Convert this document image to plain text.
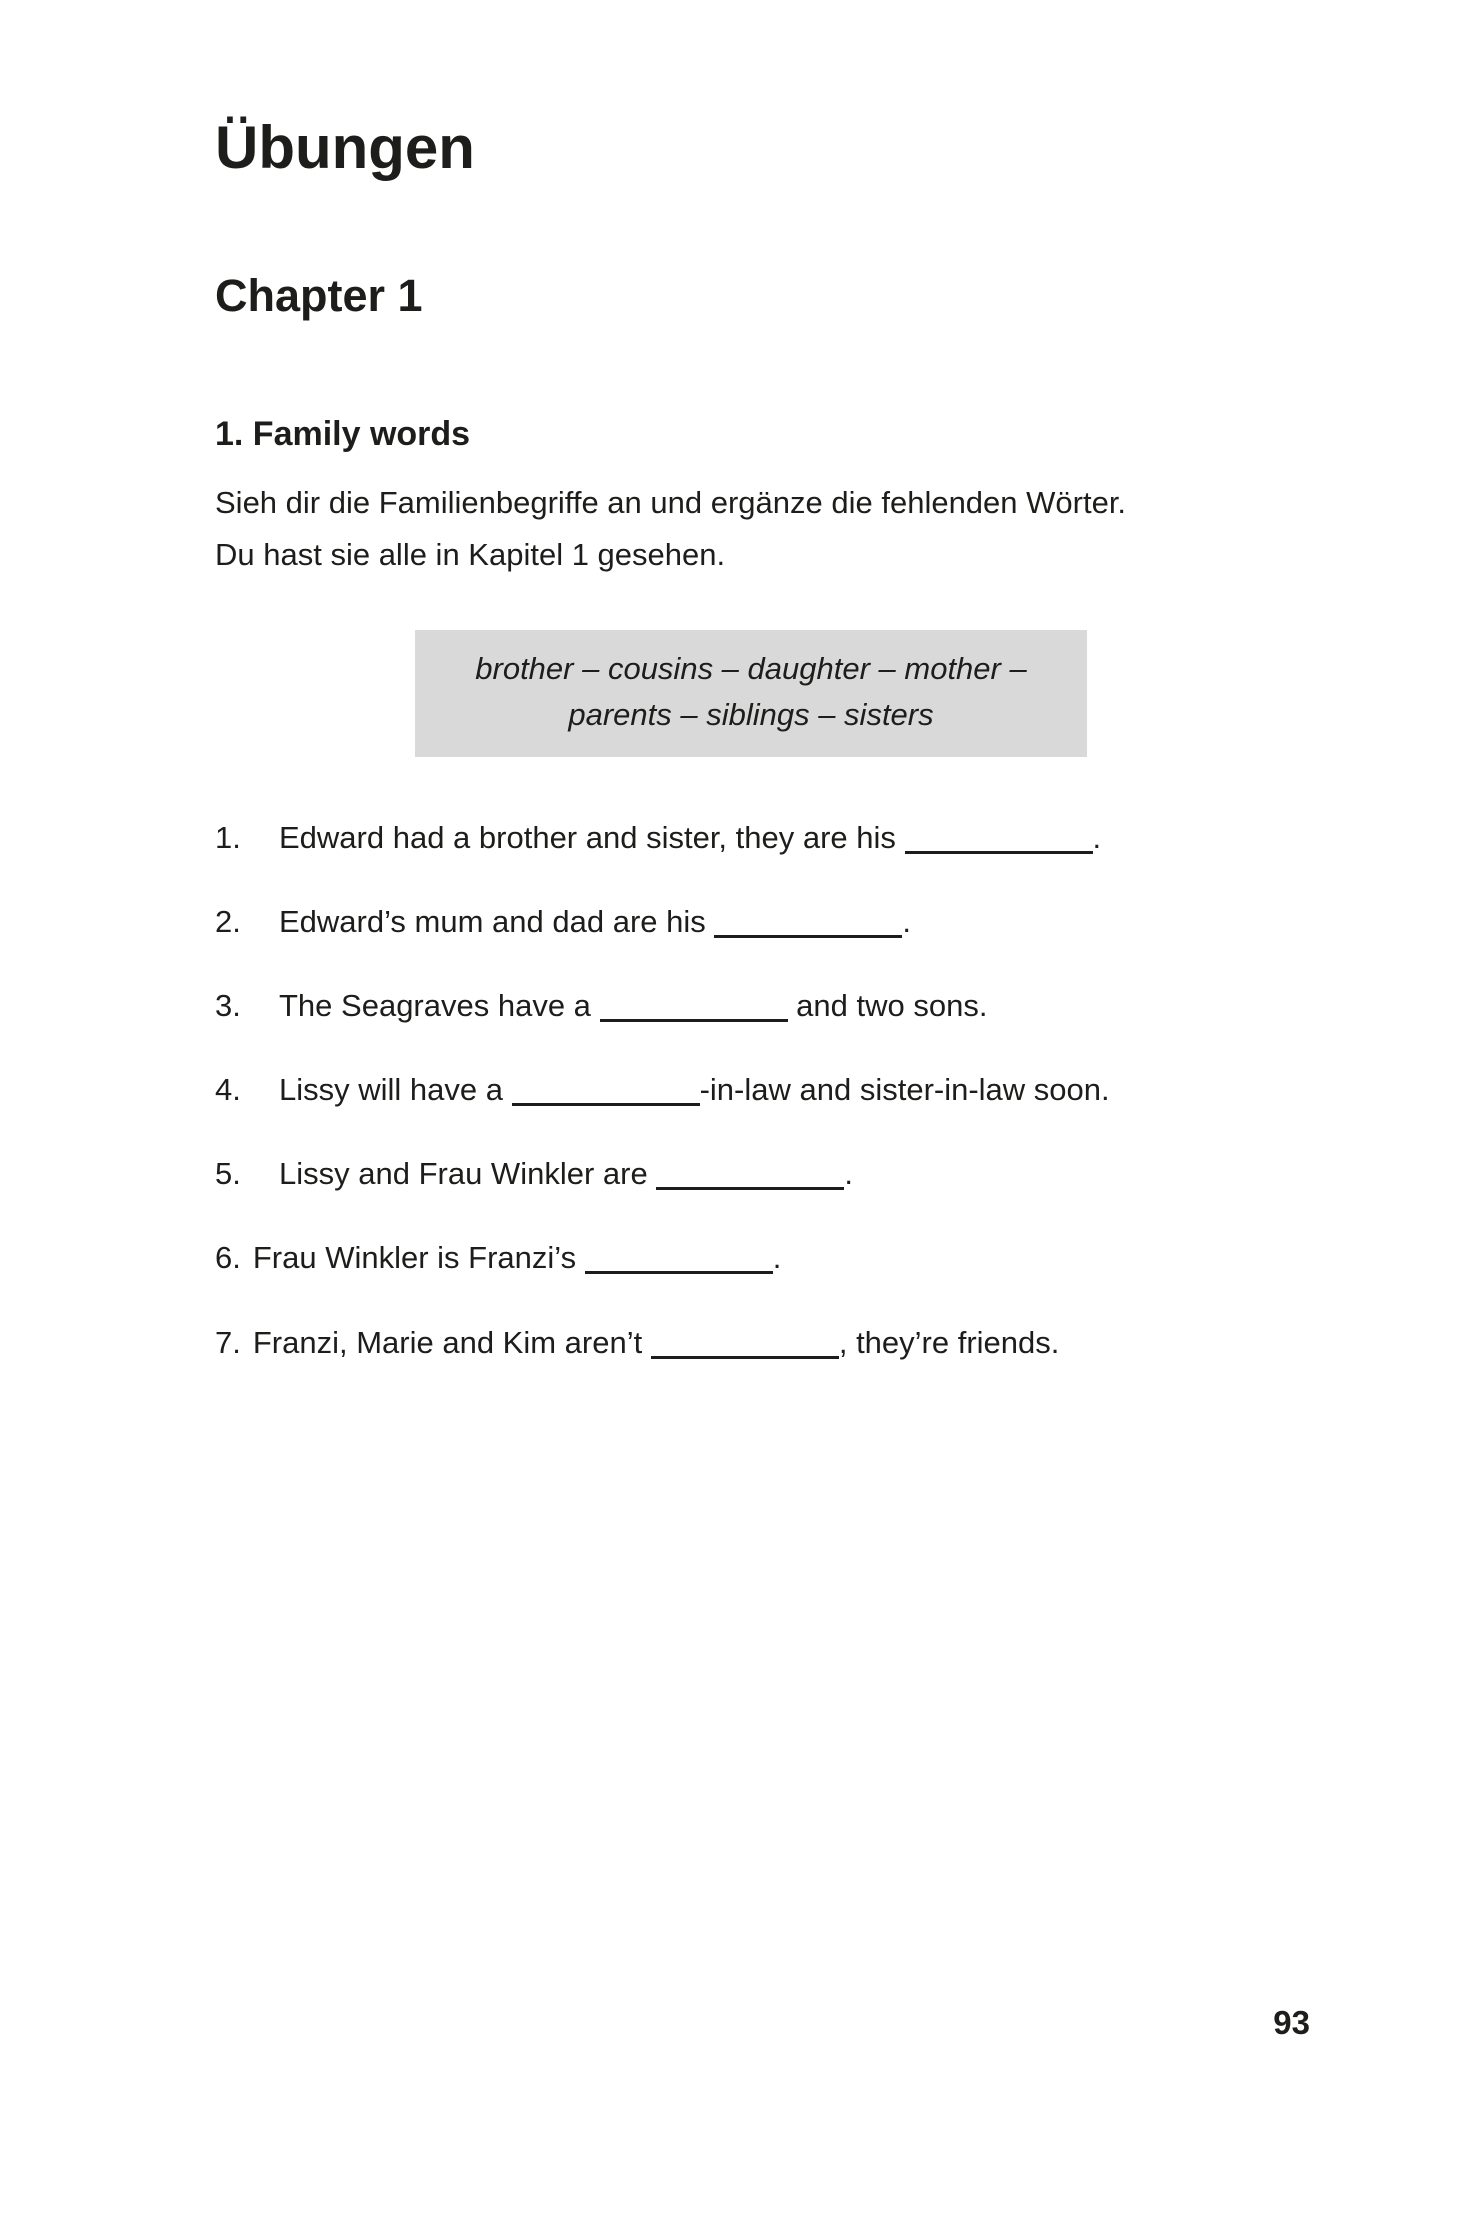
Übungen
Chapter 1
1. Family words

Sieh dir die Familienbegriffe an und ergänze die fehlenden Wörter.
Du hast sie alle in Kapitel 1 gesehen.

brother – cousins – daughter – mother –
parents – siblings – sisters
1. Edward had a brother and sister, they are his	.
2. Edward’s mum and dad are his	.
3. The Seagraves have a	and two sons.
4. Lissy will have a	-in-law and sister-in-law soon.
5. Lissy and Frau Winkler are	.
6. Frau Winkler is Franzi’s	.
7. Franzi, Marie and Kim aren’t	, they’re friends.
93
